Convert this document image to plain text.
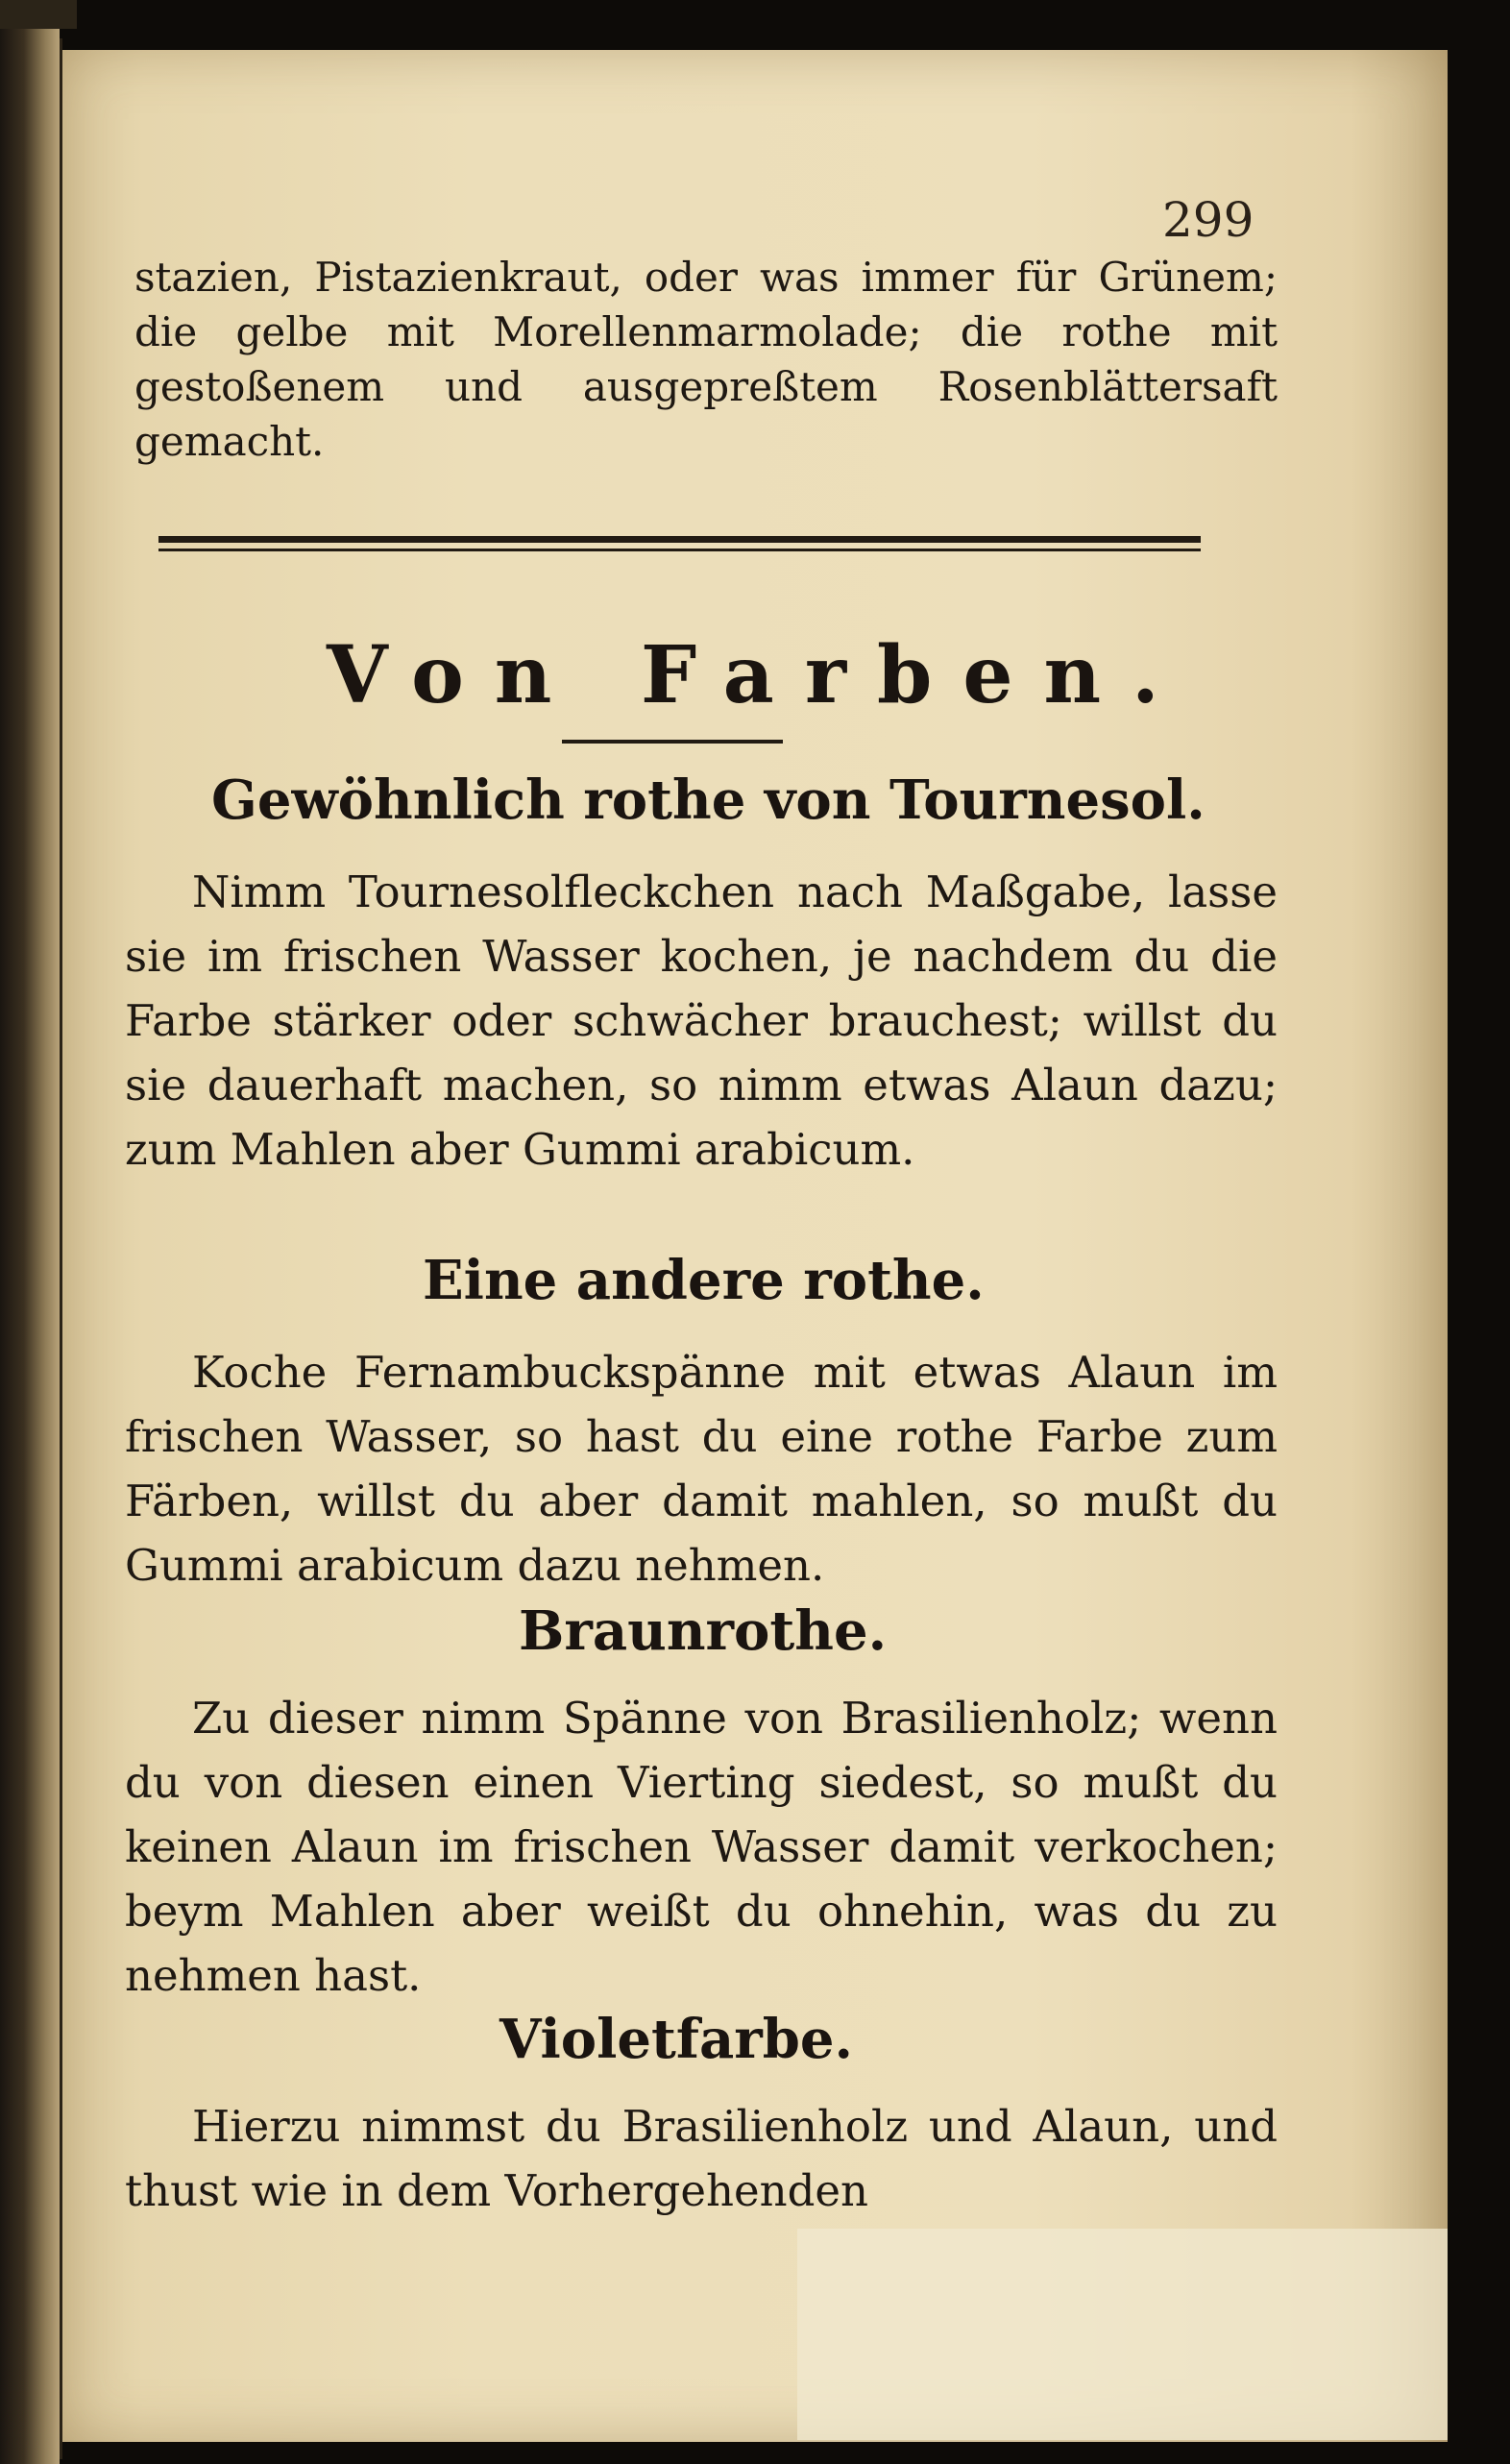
299

stazien, Pistazienkraut, oder was immer für Grünem; die gelbe mit Morellenmarmolade; die rothe mit gestoßenem und ausgepreßtem Rosenblättersaft gemacht.

Von Farben.
Gewöhnlich rothe von Tournesol.

Nimm Tournesolfleckchen nach Maßgabe, lasse sie im frischen Wasser kochen, je nachdem du die Farbe stärker oder schwächer brauchest; willst du sie dauerhaft machen, so nimm etwas Alaun dazu; zum Mahlen aber Gummi arabicum.

Eine andere rothe.

Koche Fernambuckspänne mit etwas Alaun im frischen Wasser, so hast du eine rothe Farbe zum Färben, willst du aber damit mahlen, so mußt du Gummi arabicum dazu nehmen.

Braunrothe.

Zu dieser nimm Spänne von Brasilienholz; wenn du von diesen einen Vierting siedest, so mußt du keinen Alaun im frischen Wasser damit verkochen; beym Mahlen aber weißt du ohnehin, was du zu nehmen hast.

Violetfarbe.

Hierzu nimmst du Brasilienholz und Alaun, und thust wie in dem Vorhergehenden
